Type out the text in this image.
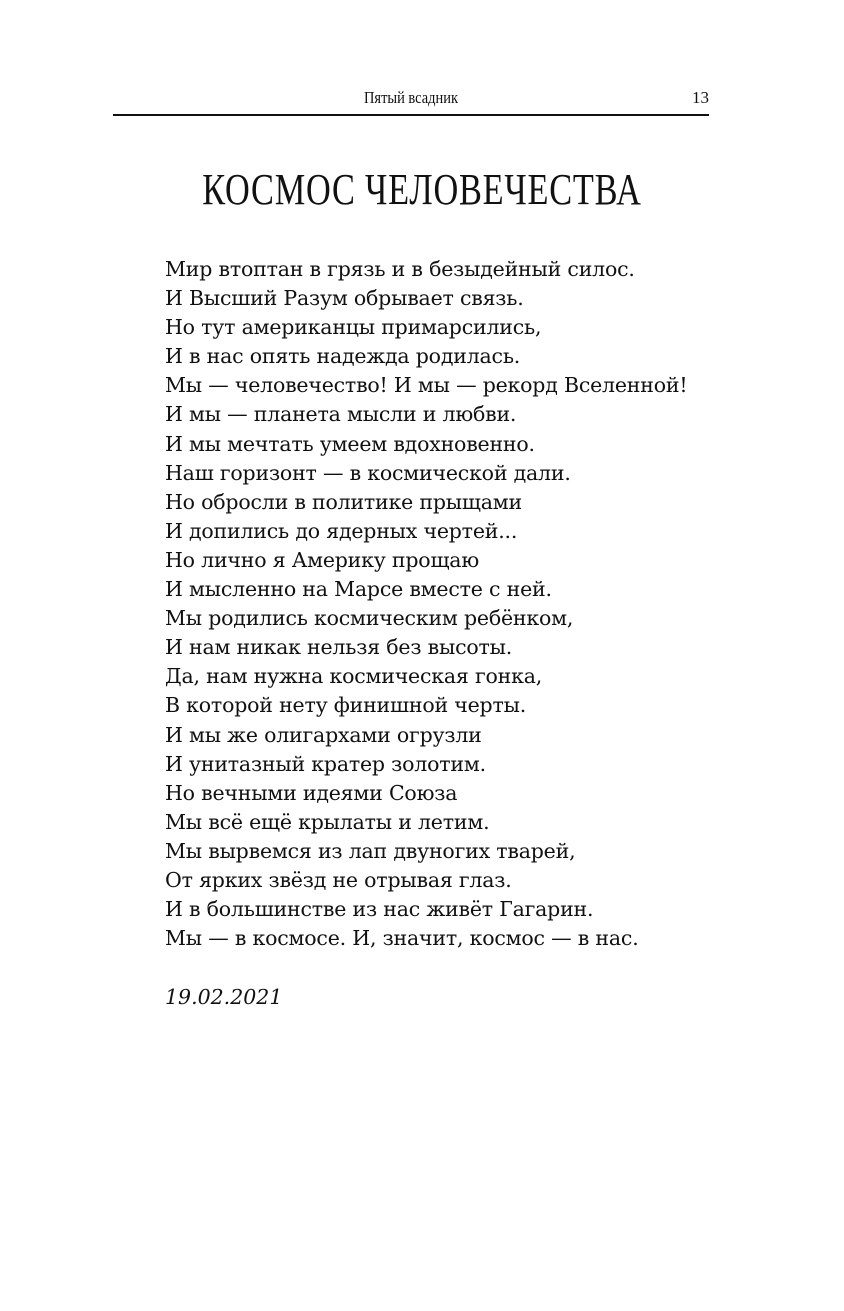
Пятый всадник	13
КОСМОС ЧЕЛОВЕЧЕСТВА
Мир втоптан в грязь и в безыдейный силос.
И Высший Разум обрывает связь.
Но тут американцы примарсились,
И в нас опять надежда родилась.
Мы — человечество! И мы — рекорд Вселенной!
И мы — планета мысли и любви.
И мы мечтать умеем вдохновенно.
Наш горизонт — в космической дали.
Но обросли в политике прыщами
И допились до ядерных чертей...
Но лично я Америку прощаю
И мысленно на Марсе вместе с ней.
Мы родились космическим ребёнком,
И нам никак нельзя без высоты.
Да, нам нужна космическая гонка,
В которой нету финишной черты.
И мы же олигархами огрузли
И унитазный кратер золотим.
Но вечными идеями Союза
Мы всё ещё крылаты и летим.
Мы вырвемся из лап двуногих тварей,
От ярких звёзд не отрывая глаз.
И в большинстве из нас живёт Гагарин.
Мы — в космосе. И, значит, космос — в нас.
19.02.2021
